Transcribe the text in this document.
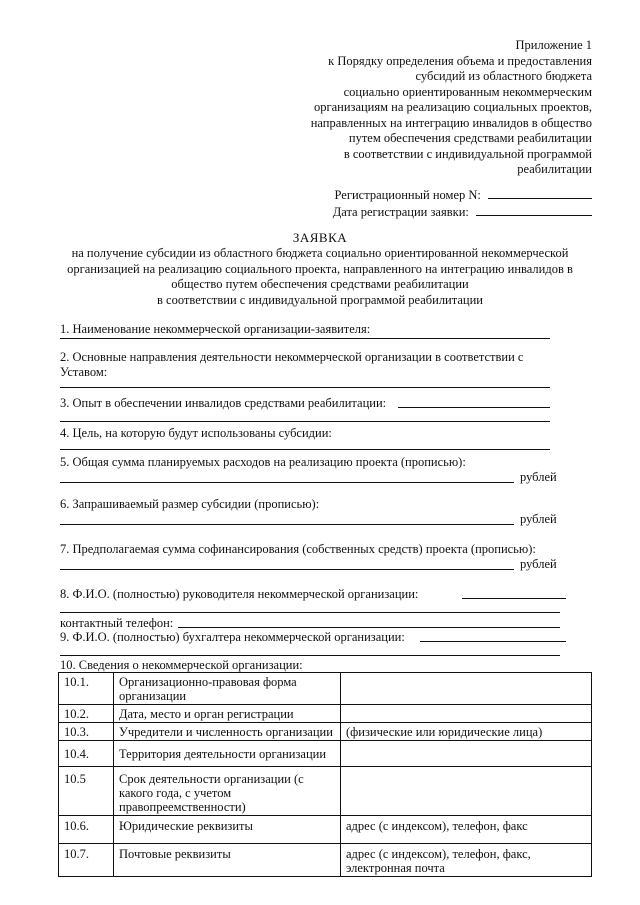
Приложение 1
к Порядку определения объема и предоставления
субсидий из областного бюджета
социально ориентированным некоммерческим
организациям на реализацию социальных проектов,
направленных на интеграцию инвалидов в общество
путем обеспечения средствами реабилитации
в соответствии с индивидуальной программой
реабилитации
Регистрационный номер N:
Дата регистрации заявки:
ЗАЯВКА
на получение субсидии из областного бюджета социально ориентированной некоммерческой
организацией на реализацию социального проекта, направленного на интеграцию инвалидов в
общество путем обеспечения средствами реабилитации
в соответствии с индивидуальной программой реабилитации
1. Наименование некоммерческой организации-заявителя:
2. Основные направления деятельности некоммерческой организации в соответствии с
Уставом:
3. Опыт в обеспечении инвалидов средствами реабилитации:
4. Цель, на которую будут использованы субсидии:
5. Общая сумма планируемых расходов на реализацию проекта (прописью):
рублей
6. Запрашиваемый размер субсидии (прописью):
рублей
7. Предполагаемая сумма софинансирования (собственных средств) проекта (прописью):
рублей
8. Ф.И.О. (полностью) руководителя некоммерческой организации:
контактный телефон:
9. Ф.И.О. (полностью) бухгалтера некоммерческой организации:
10. Сведения о некоммерческой организации:
10.1.	Организационно-правовая форма организации	
10.2.	Дата, место и орган регистрации	
10.3.	Учредители и численность организации	(физические или юридические лица)
10.4.	Территория деятельности организации	
10.5	Срок деятельности организации (с какого года, с учетом правопреемственности)	
10.6.	Юридические реквизиты	адрес (с индексом), телефон, факс
10.7.	Почтовые реквизиты	адрес (с индексом), телефон, факс, электронная почта
